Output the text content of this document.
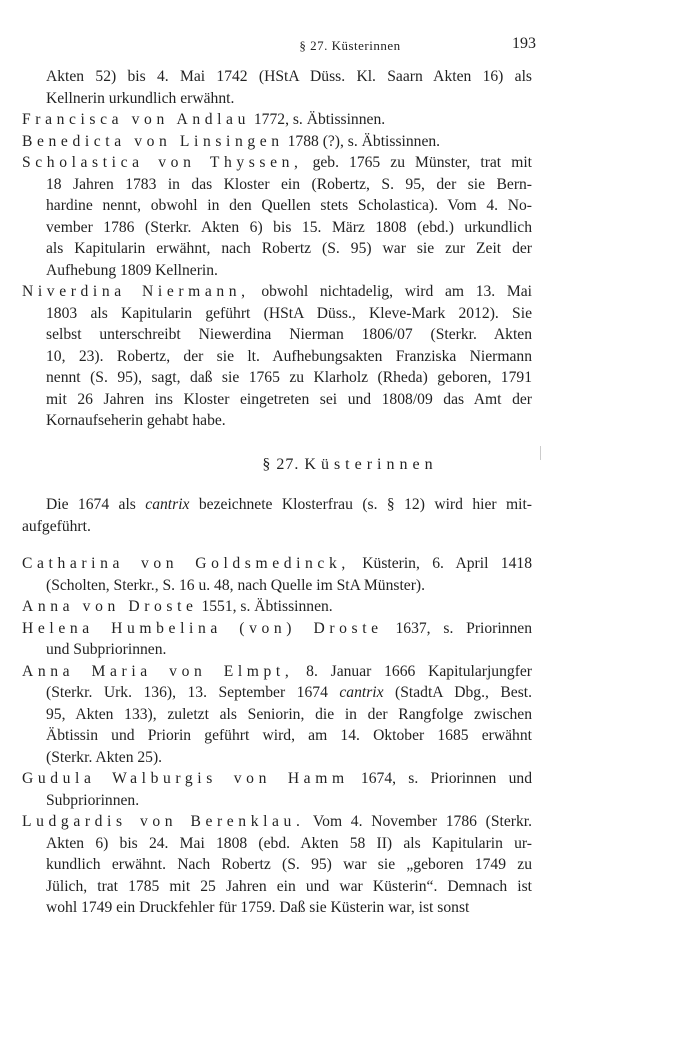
§ 27. Küsterinnen	193
Akten 52) bis 4. Mai 1742 (HStA Düss. Kl. Saarn Akten 16) als
Kellnerin urkundlich erwähnt.
Francisca von Andlau 1772, s. Äbtissinnen.
Benedicta von Linsingen 1788 (?), s. Äbtissinnen.
Scholastica von Thyssen, geb. 1765 zu Münster, trat mit
18 Jahren 1783 in das Kloster ein (Robertz, S. 95, der sie Bern-
hardine nennt, obwohl in den Quellen stets Scholastica). Vom 4. No-
vember 1786 (Sterkr. Akten 6) bis 15. März 1808 (ebd.) urkundlich
als Kapitularin erwähnt, nach Robertz (S. 95) war sie zur Zeit der
Aufhebung 1809 Kellnerin.
Niverdina Niermann, obwohl nichtadelig, wird am 13. Mai
1803 als Kapitularin geführt (HStA Düss., Kleve-Mark 2012). Sie
selbst unterschreibt Niewerdina Nierman 1806/07 (Sterkr. Akten
10, 23). Robertz, der sie lt. Aufhebungsakten Franziska Niermann
nennt (S. 95), sagt, daß sie 1765 zu Klarholz (Rheda) geboren, 1791
mit 26 Jahren ins Kloster eingetreten sei und 1808/09 das Amt der
Kornaufseherin gehabt habe.
§ 27. Küsterinnen
Die 1674 als cantrix bezeichnete Klosterfrau (s. § 12) wird hier mit-
aufgeführt.
Catharina von Goldsmedinck, Küsterin, 6. April 1418
(Scholten, Sterkr., S. 16 u. 48, nach Quelle im StA Münster).
Anna von Droste 1551, s. Äbtissinnen.
Helena Humbelina (von) Droste 1637, s. Priorinnen
und Subpriorinnen.
Anna Maria von Elmpt, 8. Januar 1666 Kapitularjungfer
(Sterkr. Urk. 136), 13. September 1674 cantrix (StadtA Dbg., Best.
95, Akten 133), zuletzt als Seniorin, die in der Rangfolge zwischen
Äbtissin und Priorin geführt wird, am 14. Oktober 1685 erwähnt
(Sterkr. Akten 25).
Gudula Walburgis von Hamm 1674, s. Priorinnen und
Subpriorinnen.
Ludgardis von Berenklau. Vom 4. November 1786 (Sterkr.
Akten 6) bis 24. Mai 1808 (ebd. Akten 58 II) als Kapitularin ur-
kundlich erwähnt. Nach Robertz (S. 95) war sie „geboren 1749 zu
Jülich, trat 1785 mit 25 Jahren ein und war Küsterin“. Demnach ist
wohl 1749 ein Druckfehler für 1759. Daß sie Küsterin war, ist sonst
